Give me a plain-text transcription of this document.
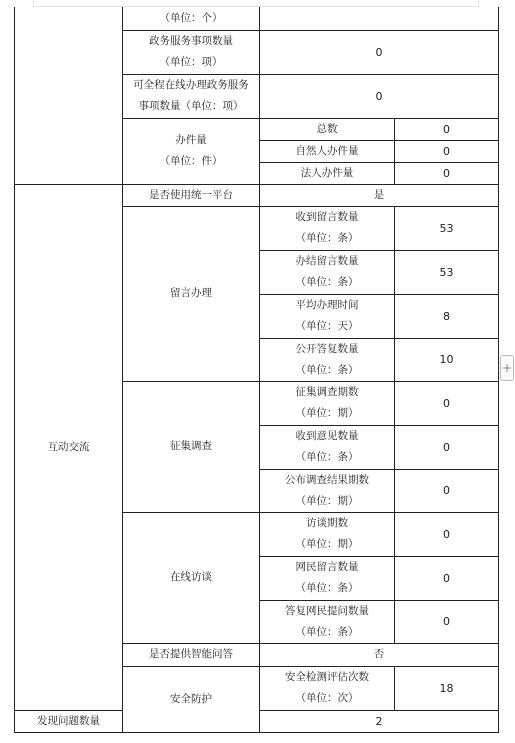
	（单位：个）		

	政务服务事项数量
（单位：项）	0	

	可全程在线办理政务服务
事项数量（单位：项）	0	

	办件量
（单位：件）	总数	0
		自然人办件量	0
		法人办件量	0
互动交流	是否使用统一平台	是	
	留言办理	收到留言数量
（单位：条）	53

		办结留言数量
（单位：条）	53

		平均办理时间
（单位：天）	8

		公开答复数量
（单位：条）	10
	征集调查	征集调查期数
（单位：期）	0

		收到意见数量
（单位：条）	0

		公布调查结果期数
（单位：期）	0
	在线访谈	访谈期数
（单位：期）	0

		网民留言数量
（单位：条）	0

		答复网民提问数量
（单位：条）	0
	是否提供智能问答	否	
	安全防护	安全检测评估次数
（单位：次）	18
发现问题数量		2	
+
